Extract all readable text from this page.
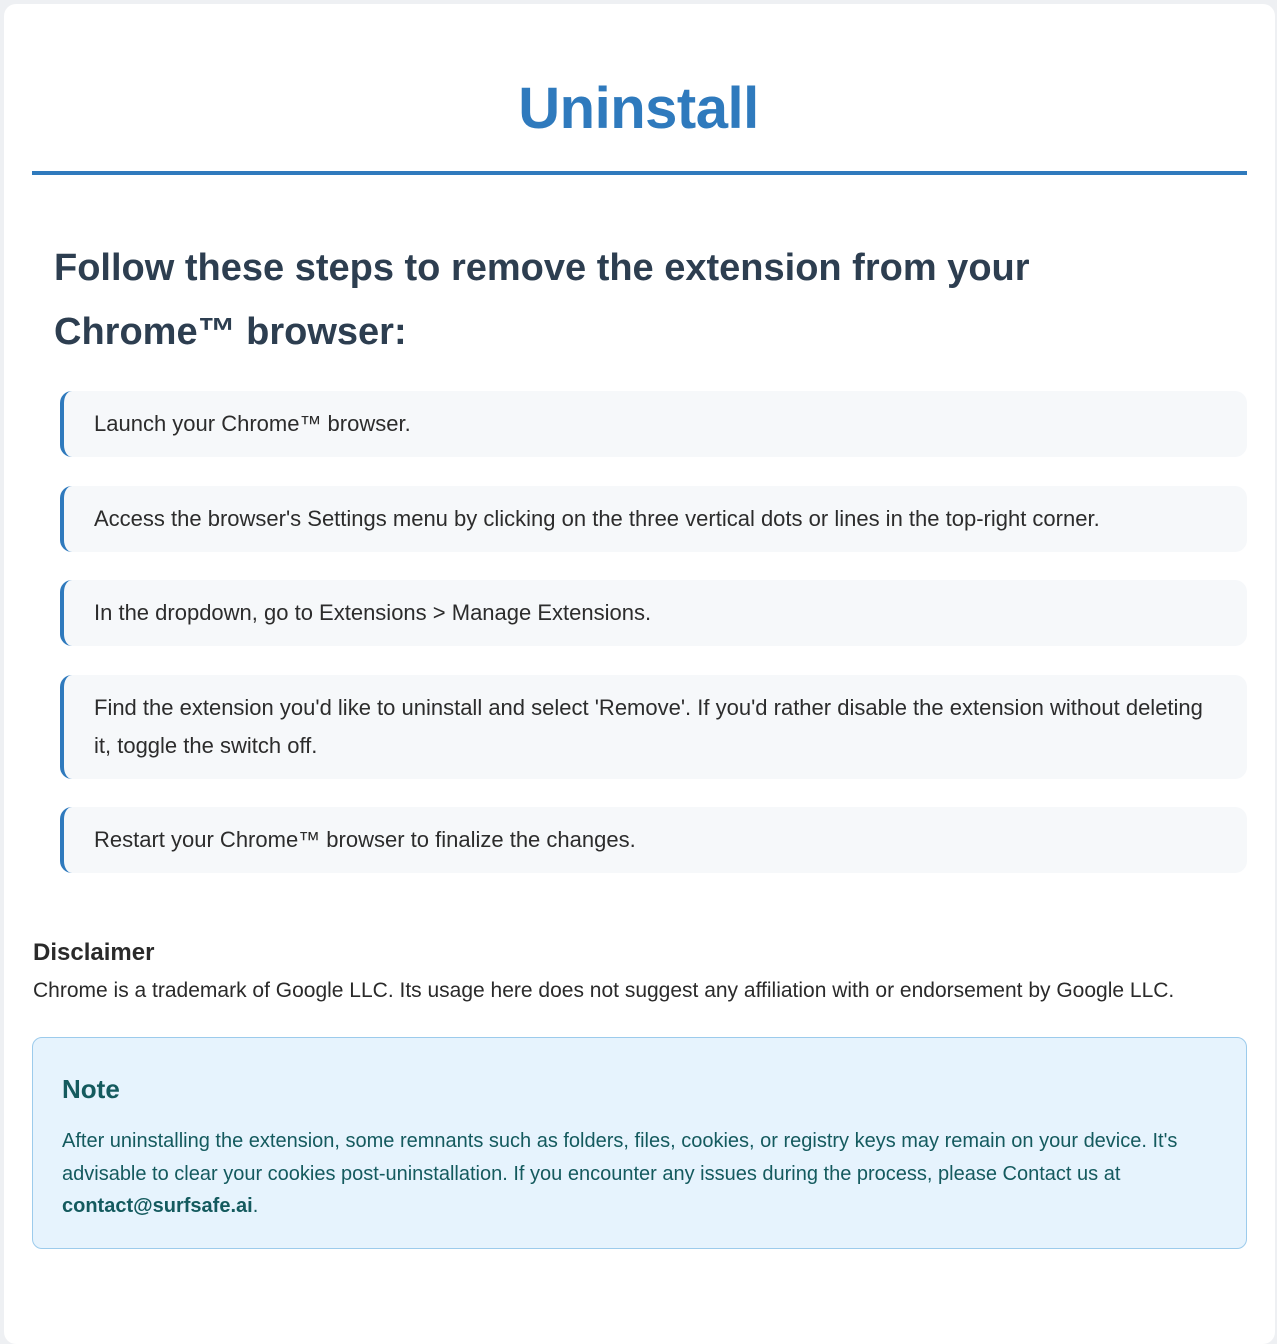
Uninstall
Follow these steps to remove the extension from your Chrome™ browser:
Launch your Chrome™ browser.
Access the browser's Settings menu by clicking on the three vertical dots or lines in the top-right corner.
In the dropdown, go to Extensions > Manage Extensions.
Find the extension you'd like to uninstall and select 'Remove'. If you'd rather disable the extension without deleting it, toggle the switch off.
Restart your Chrome™ browser to finalize the changes.
Disclaimer

Chrome is a trademark of Google LLC. Its usage here does not suggest any affiliation with or endorsement by Google LLC.

Note

After uninstalling the extension, some remnants such as folders, files, cookies, or registry keys may remain on your device. It's advisable to clear your cookies post-uninstallation. If you encounter any issues during the process, please Contact us at contact@surfsafe.ai.
